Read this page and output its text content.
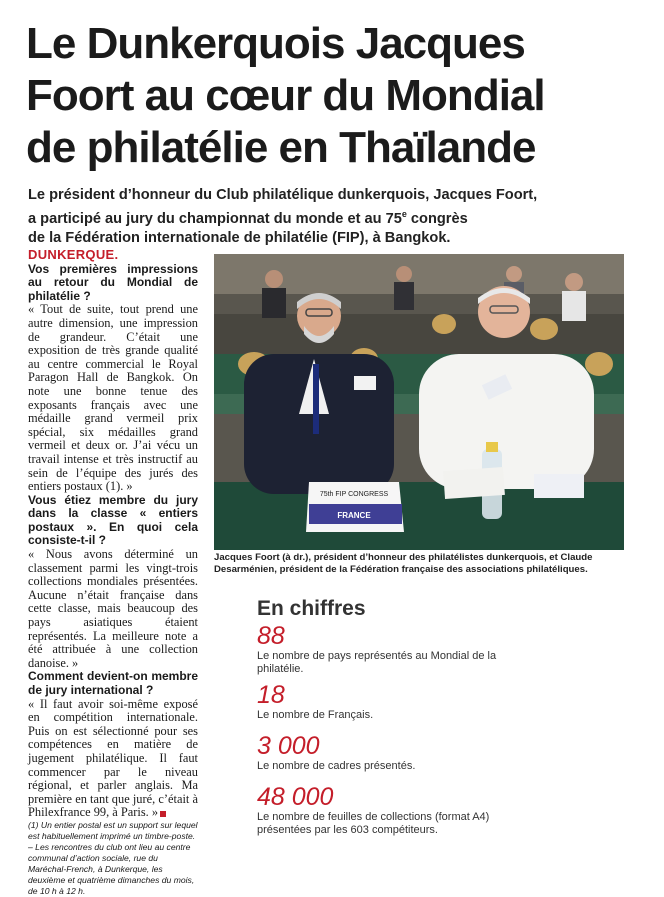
Le Dunkerquois Jacques
Foort au cœur du Mondial
de philatélie en Thaïlande

Le président d’honneur du Club philatélique dunkerquois, Jacques Foort,
a participé au jury du championnat du monde et au 75e congrès
de la Fédération internationale de philatélie (FIP), à Bangkok.

DUNKERQUE.

Vos premières impressions au retour du Mondial de philatélie ?

« Tout de suite, tout prend une autre dimension, une impression de grandeur. C’était une exposition de très grande qualité au centre commercial le Royal Paragon Hall de Bangkok. On note une bonne tenue des exposants français avec une médaille grand vermeil prix spécial, six médailles grand vermeil et deux or. J’ai vécu un travail intense et très instructif au sein de l’équipe des jurés des entiers postaux (1). »

Vous étiez membre du jury dans la classe « entiers postaux ». En quoi cela consiste-t-il ?

« Nous avons déterminé un classement parmi les vingt-trois collections mondiales présentées. Aucune n’était française dans cette classe, mais beaucoup des pays asiatiques étaient représentés. La meilleure note a été attribuée à une collection danoise. »

Comment devient-on membre de jury international ?

« Il faut avoir soi-même exposé en compétition internationale. Puis on est sélectionné pour ses compétences en matière de jugement philatélique. Il faut commencer par le niveau régional, et parler anglais. Ma première en tant que juré, c’était à Philexfrance 99, à Paris. »

(1) Un entier postal est un support sur lequel est habituellement imprimé un timbre-poste.

– Les rencontres du club ont lieu au centre communal d’action sociale, rue du Maréchal-French, à Dunkerque, les deuxième et quatrième dimanches du mois, de 10 h à 12 h.

75th FIP CONGRESS
FRANCE

Jacques Foort (à dr.), président d’honneur des philatélistes dunkerquois, et Claude Desarménien, président de la Fédération française des associations philatéliques.

En chiffres
88
Le nombre de pays représentés au Mondial de la philatélie.
18
Le nombre de Français.
3 000
Le nombre de cadres présentés.
48 000
Le nombre de feuilles de collections (format A4) présentées par les 603 compétiteurs.
